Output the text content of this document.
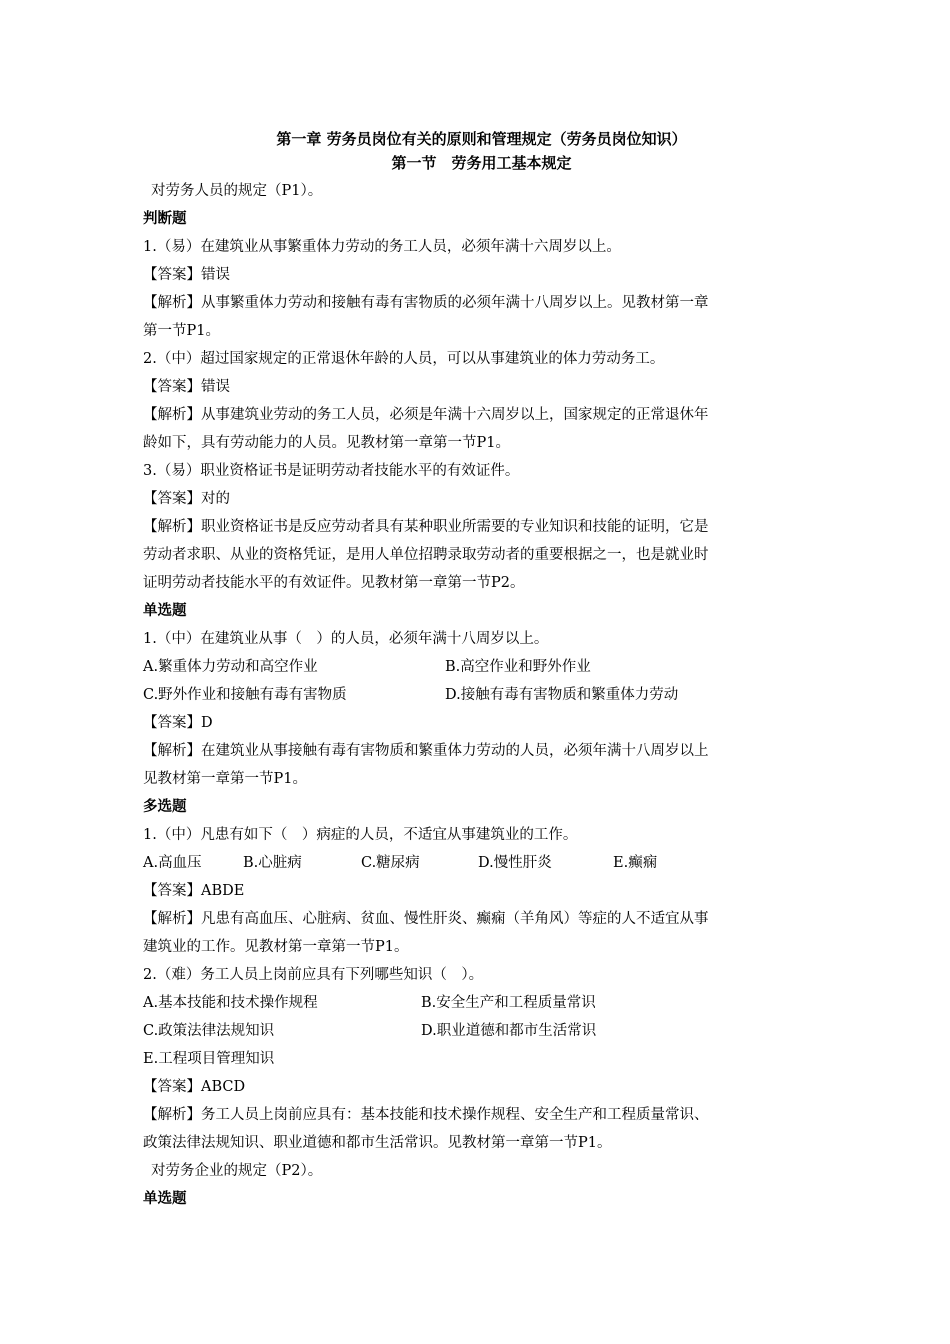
第一章 劳务员岗位有关的原则和管理规定（劳务员岗位知识）
第一节　劳务用工基本规定
对劳务人员的规定（P1）。
判断题
1.（易）在建筑业从事繁重体力劳动的务工人员，必须年满十六周岁以上。
【答案】错误
【解析】从事繁重体力劳动和接触有毒有害物质的必须年满十八周岁以上。见教材第一章
第一节P1。
2.（中）超过国家规定的正常退休年龄的人员，可以从事建筑业的体力劳动务工。
【答案】错误
【解析】从事建筑业劳动的务工人员，必须是年满十六周岁以上，国家规定的正常退休年
龄如下，具有劳动能力的人员。见教材第一章第一节P1。
3.（易）职业资格证书是证明劳动者技能水平的有效证件。
【答案】对的
【解析】职业资格证书是反应劳动者具有某种职业所需要的专业知识和技能的证明，它是
劳动者求职、从业的资格凭证，是用人单位招聘录取劳动者的重要根据之一，也是就业时
证明劳动者技能水平的有效证件。见教材第一章第一节P2。
单选题
1.（中）在建筑业从事（　）的人员，必须年满十八周岁以上。
A.繁重体力劳动和高空作业	B.高空作业和野外作业
C.野外作业和接触有毒有害物质	D.接触有毒有害物质和繁重体力劳动
【答案】D
【解析】在建筑业从事接触有毒有害物质和繁重体力劳动的人员，必须年满十八周岁以上
见教材第一章第一节P1。
多选题
1.（中）凡患有如下（　）病症的人员，不适宜从事建筑业的工作。
A.高血压	B.心脏病	C.糖尿病	D.慢性肝炎	E.癫痫
【答案】ABDE
【解析】凡患有高血压、心脏病、贫血、慢性肝炎、癫痫（羊角风）等症的人不适宜从事
建筑业的工作。见教材第一章第一节P1。
2.（难）务工人员上岗前应具有下列哪些知识（　）。
A.基本技能和技术操作规程	B.安全生产和工程质量常识
C.政策法律法规知识	D.职业道德和都市生活常识
E.工程项目管理知识
【答案】ABCD
【解析】务工人员上岗前应具有：基本技能和技术操作规程、安全生产和工程质量常识、
政策法律法规知识、职业道德和都市生活常识。见教材第一章第一节P1。
对劳务企业的规定（P2）。
单选题
